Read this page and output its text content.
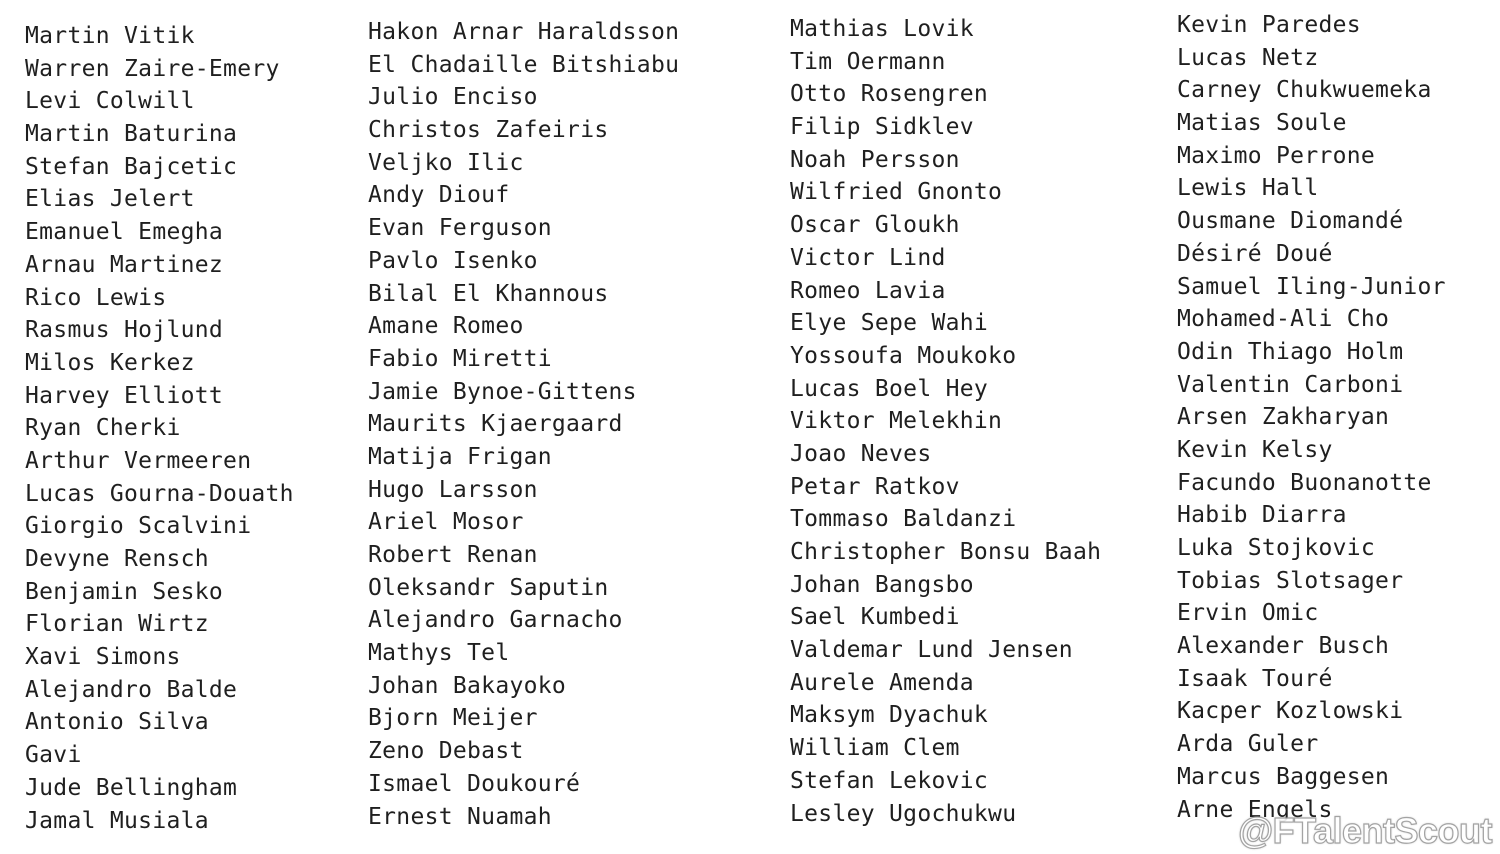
Martin Vitik
Warren Zaire-Emery
Levi Colwill
Martin Baturina
Stefan Bajcetic
Elias Jelert
Emanuel Emegha
Arnau Martinez
Rico Lewis
Rasmus Hojlund
Milos Kerkez
Harvey Elliott
Ryan Cherki
Arthur Vermeeren
Lucas Gourna-Douath
Giorgio Scalvini
Devyne Rensch
Benjamin Sesko
Florian Wirtz
Xavi Simons
Alejandro Balde
Antonio Silva
Gavi
Jude Bellingham
Jamal Musiala
Hakon Arnar Haraldsson
El Chadaille Bitshiabu
Julio Enciso
Christos Zafeiris
Veljko Ilic
Andy Diouf
Evan Ferguson
Pavlo Isenko
Bilal El Khannous
Amane Romeo
Fabio Miretti
Jamie Bynoe-Gittens
Maurits Kjaergaard
Matija Frigan
Hugo Larsson
Ariel Mosor
Robert Renan
Oleksandr Saputin
Alejandro Garnacho
Mathys Tel
Johan Bakayoko
Bjorn Meijer
Zeno Debast
Ismael Doukouré
Ernest Nuamah
Mathias Lovik
Tim Oermann
Otto Rosengren
Filip Sidklev
Noah Persson
Wilfried Gnonto
Oscar Gloukh
Victor Lind
Romeo Lavia
Elye Sepe Wahi
Yossoufa Moukoko
Lucas Boel Hey
Viktor Melekhin
Joao Neves
Petar Ratkov
Tommaso Baldanzi
Christopher Bonsu Baah
Johan Bangsbo
Sael Kumbedi
Valdemar Lund Jensen
Aurele Amenda
Maksym Dyachuk
William Clem
Stefan Lekovic
Lesley Ugochukwu
Kevin Paredes
Lucas Netz
Carney Chukwuemeka
Matias Soule
Maximo Perrone
Lewis Hall
Ousmane Diomandé
Désiré Doué
Samuel Iling-Junior
Mohamed-Ali Cho
Odin Thiago Holm
Valentin Carboni
Arsen Zakharyan
Kevin Kelsy
Facundo Buonanotte
Habib Diarra
Luka Stojkovic
Tobias Slotsager
Ervin Omic
Alexander Busch
Isaak Touré
Kacper Kozlowski
Arda Guler
Marcus Baggesen
Arne Engels
@FTalentScout
